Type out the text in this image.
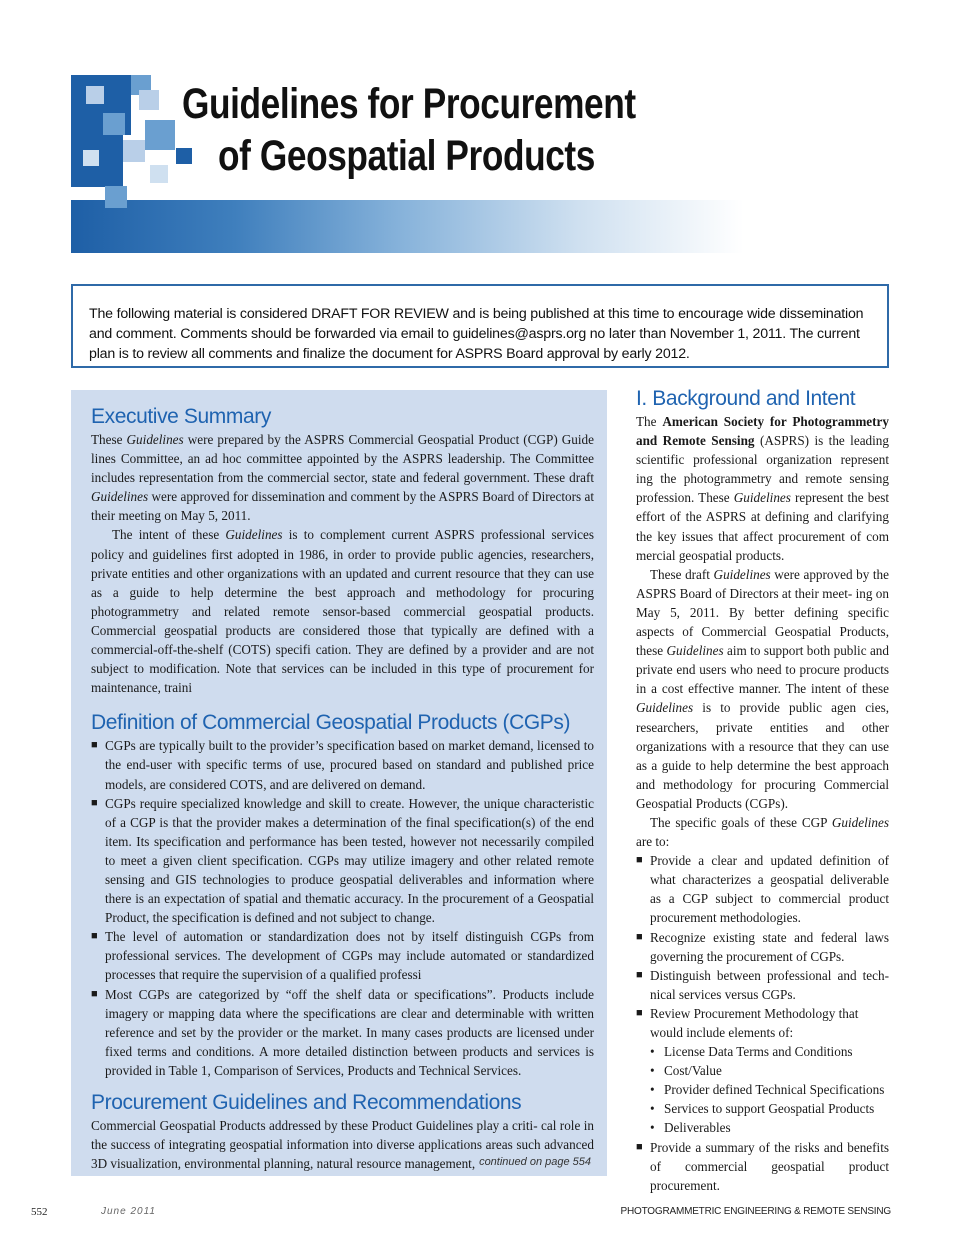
Guidelines for Procurement
of Geospatial Products
The following material is considered DRAFT FOR REVIEW and is being published at this time to encourage wide dissemination and comment. Comments should be forwarded via email to guidelines@asprs.org no later than November 1, 2011. The current plan is to review all comments and finalize the document for ASPRS Board approval by early 2012.
continued on page 554
Executive Summary

These Guidelines were prepared by the ASPRS Commercial Geospatial Product (CGP) Guide lines Committee, an ad hoc committee appointed by the ASPRS leadership. The Committee includes representation from the commercial sector, state and federal government. These draft Guidelines were approved for dissemination and comment by the ASPRS Board of Directors at their meeting on May 5, 2011.

The intent of these Guidelines is to complement current ASPRS professional services policy and guidelines first adopted in 1986, in order to provide public agencies, researchers, private entities and other organizations with an updated and current resource that they can use as a guide to help determine the best approach and methodology for procuring photogrammetry and related remote sensor-based commercial geospatial products. Commercial geospatial products are considered those that typically are defined with a commercial-off-the-shelf (COTS) specifi cation. They are defined by a provider and are not subject to modification. Note that services can be included in this type of procurement for maintenance, traini

Definition of Commercial Geospatial Products (CGPs)
■ CGPs are typically built to the provider’s specification based on market demand, licensed to the end-user with specific terms of use, procured based on standard and published price models, are considered COTS, and are delivered on demand.
■ CGPs require specialized knowledge and skill to create. However, the unique characteristic of a CGP is that the provider makes a determination of the final specification(s) of the end item. Its specification and performance has been tested, however not necessarily compiled to meet a given client specification. CGPs may utilize imagery and other related remote sensing and GIS technologies to produce geospatial deliverables and information where there is an expectation of spatial and thematic accuracy. In the procurement of a Geospatial Product, the specification is defined and not subject to change.
■ The level of automation or standardization does not by itself distinguish CGPs from professional services. The development of CGPs may include automated or standardized processes that require the supervision of a qualified professi
■ Most CGPs are categorized by “off the shelf data or specifications”. Products include imagery or mapping data where the specifications are clear and determinable with written reference and set by the provider or the market. In many cases products are licensed under fixed terms and conditions. A more detailed distinction between products and services is provided in Table 1, Comparison of Services, Products and Technical Services.
Procurement Guidelines and Recommendations

Commercial Geospatial Products addressed by these Product Guidelines play a criti- cal role in the success of integrating geospatial information into diverse applications areas such advanced 3D visualization, environmental planning, natural resource management,

I. Background and Intent

The American Society for Photogrammetry and Remote Sensing (ASPRS) is the leading scientific professional organization represent ing the photogrammetry and remote sensing profession. These Guidelines represent the best effort of the ASPRS at defining and clarifying the key issues that affect procurement of com mercial geospatial products.

These draft Guidelines were approved by the ASPRS Board of Directors at their meet- ing on May 5, 2011. By better defining specific aspects of Commercial Geospatial Products, these Guidelines aim to support both public and private end users who need to procure products in a cost effective manner. The intent of these Guidelines is to provide public agen cies, researchers, private entities and other organizations with a resource that they can use as a guide to help determine the best approach and methodology for procuring Commercial Geospatial Products (CGPs).

The specific goals of these CGP Guidelines are to:

■ Provide a clear and updated definition of what characterizes a geospatial deliverable as a CGP subject to commercial product procurement methodologies.
■ Recognize existing state and federal laws governing the procurement of CGPs.
■ Distinguish between professional and tech- nical services versus CGPs.
■ Review Procurement Methodology that would include elements of:
• License Data Terms and Conditions
• Cost/Value
• Provider defined Technical Specifications
• Services to support Geospatial Products
• Deliverables
■ Provide a summary of the risks and benefits of commercial geospatial product procurement.
552	June 2011	PHOTOGRAMMETRIC ENGINEERING & REMOTE SENSING
